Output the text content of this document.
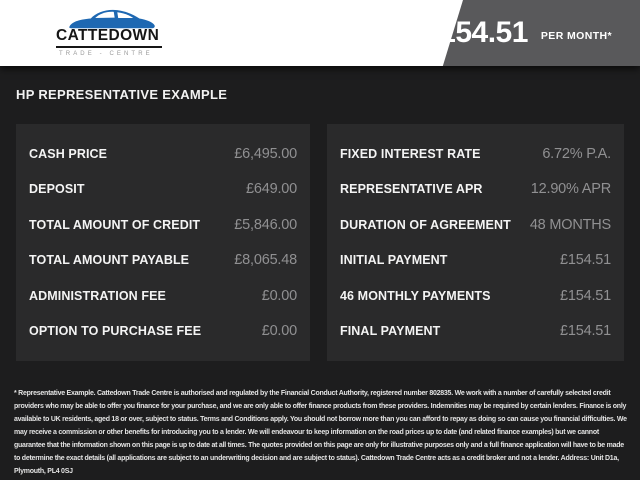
CATTEDOWN
TRADE - CENTRE
£154.51 PER MONTH*
HP REPRESENTATIVE EXAMPLE
CASH PRICE	£6,495.00
DEPOSIT	£649.00
TOTAL AMOUNT OF CREDIT £5,846.00
TOTAL AMOUNT PAYABLE	£8,065.48
ADMINISTRATION FEE	£0.00
OPTION TO PURCHASE FEE	£0.00
FIXED INTEREST RATE	6.72% P.A.
REPRESENTATIVE APR	12.90% APR
DURATION OF AGREEMENT 48 MONTHS
INITIAL PAYMENT	£154.51
46 MONTHLY PAYMENTS	£154.51
FINAL PAYMENT	£154.51

* Representative Example. Cattedown Trade Centre is authorised and regulated by the Financial Conduct Authority, registered number 802835. We work with a number of carefully selected credit providers who may be able to offer you finance for your purchase, and we are only able to offer finance products from these providers. Indemnities may be required by certain lenders. Finance is only available to UK residents, aged 18 or over, subject to status. Terms and Conditions apply. You should not borrow more than you can afford to repay as doing so can cause you financial difficulties. We may receive a commission or other benefits for introducing you to a lender. We will endeavour to keep information on the road prices up to date (and related finance examples) but we cannot guarantee that the information shown on this page is up to date at all times. The quotes provided on this page are only for illustrative purposes only and a full finance application will have to be made to determine the exact details (all applications are subject to an underwriting decision and are subject to status). Cattedown Trade Centre acts as a credit broker and not a lender. Address: Unit D1a, Plymouth, PL4 0SJ
